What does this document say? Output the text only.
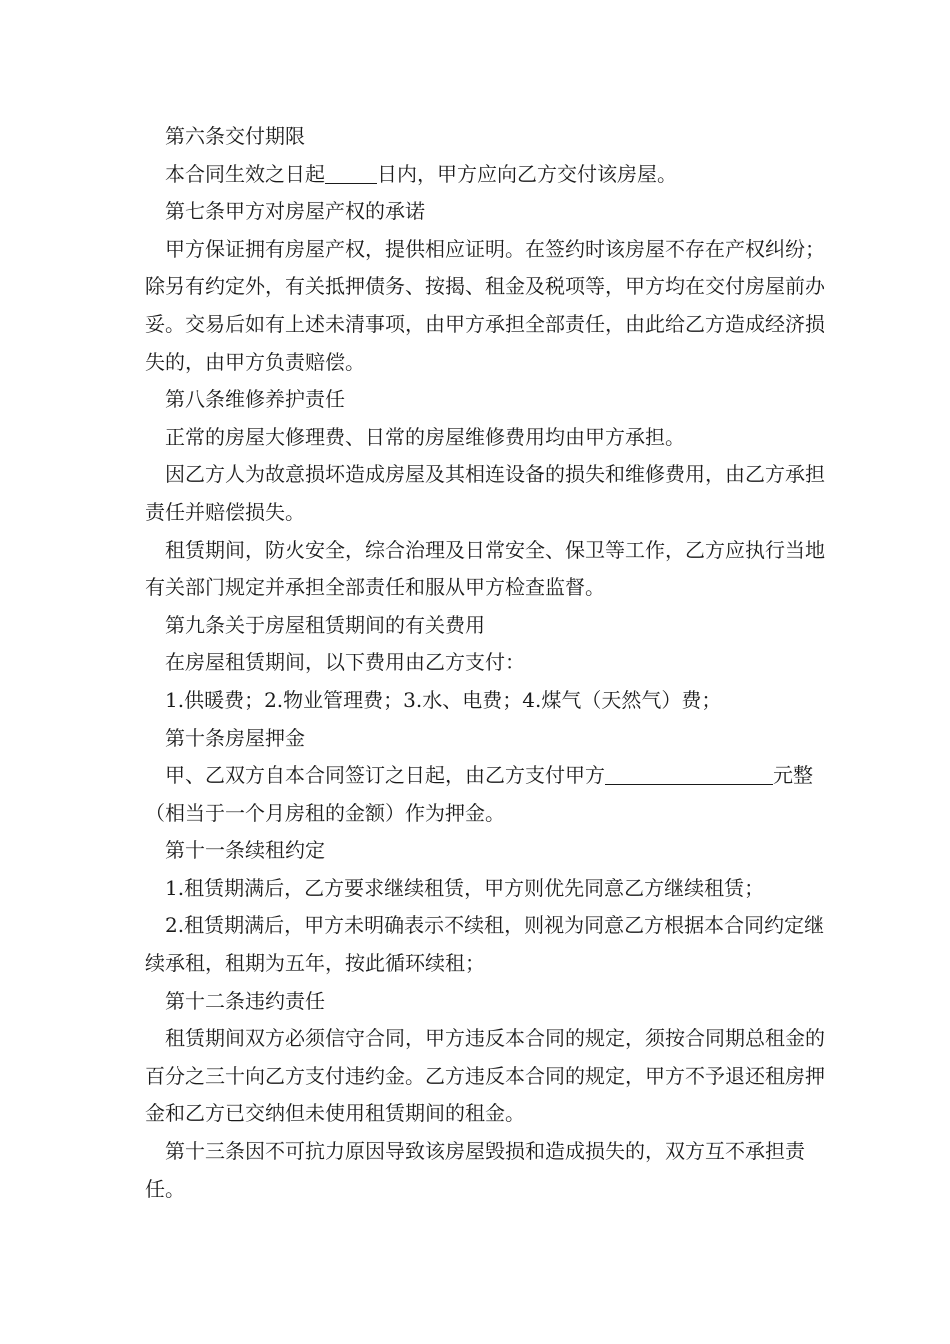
第六条交付期限

本合同生效之日起	日内，甲方应向乙方交付该房屋。

第七条甲方对房屋产权的承诺

甲方保证拥有房屋产权，提供相应证明。在签约时该房屋不存在产权纠纷；除另有约定外，有关抵押债务、按揭、租金及税项等，甲方均在交付房屋前办妥。交易后如有上述未清事项，由甲方承担全部责任，由此给乙方造成经济损失的，由甲方负责赔偿。

第八条维修养护责任

正常的房屋大修理费、日常的房屋维修费用均由甲方承担。

因乙方人为故意损坏造成房屋及其相连设备的损失和维修费用，由乙方承担责任并赔偿损失。

租赁期间，防火安全，综合治理及日常安全、保卫等工作，乙方应执行当地有关部门规定并承担全部责任和服从甲方检查监督。

第九条关于房屋租赁期间的有关费用

在房屋租赁期间，以下费用由乙方支付：

1.供暖费；2.物业管理费；3.水、电费；4.煤气（天然气）费；

第十条房屋押金

甲、乙双方自本合同签订之日起，由乙方支付甲方	元整（相当于一个月房租的金额）作为押金。

第十一条续租约定

1.租赁期满后，乙方要求继续租赁，甲方则优先同意乙方继续租赁；

2.租赁期满后，甲方未明确表示不续租，则视为同意乙方根据本合同约定继续承租，租期为五年，按此循环续租；

第十二条违约责任

租赁期间双方必须信守合同，甲方违反本合同的规定，须按合同期总租金的百分之三十向乙方支付违约金。乙方违反本合同的规定，甲方不予退还租房押金和乙方已交纳但未使用租赁期间的租金。

第十三条因不可抗力原因导致该房屋毁损和造成损失的，双方互不承担责任。
